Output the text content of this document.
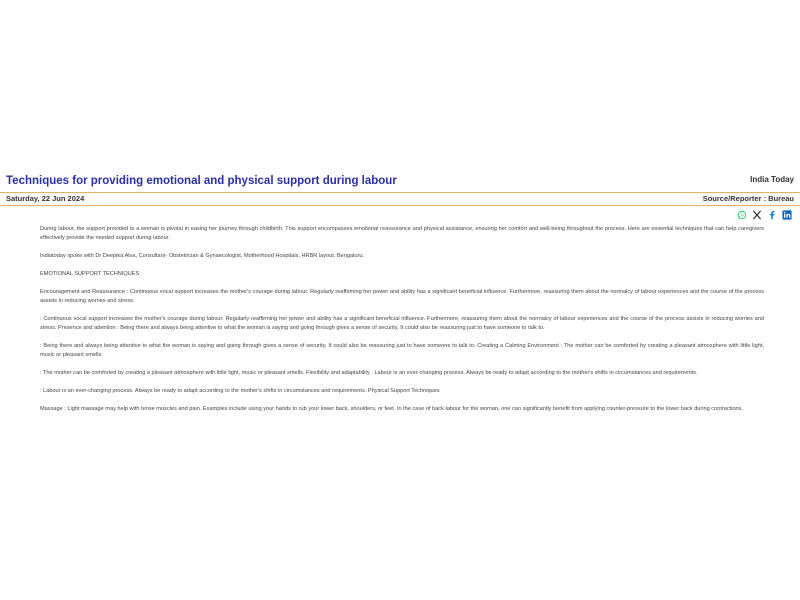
Techniques for providing emotional and physical support during labour	India Today
Saturday, 22 Jun 2024	Source/Reporter : Bureau

During labour, the support provided to a woman is pivotal in easing her journey through childbirth. This support encompasses emotional reassurance and physical assistance, ensuring her comfort and well-being throughout the process. Here are essential techniques that can help caregivers effectively provide the needed support during labour.

Indiatoday spoke with Dr Deepika Alva, Consultant- Obstetrician & Gynaecologist, Motherhood Hospitals, HRBR layout, Bengaluru.

EMOTIONAL SUPPORT TECHNIQUES

Encouragement and Reassurance : Continuous vocal support increases the mother's courage during labour. Regularly reaffirming her power and ability has a significant beneficial influence. Furthermore, reassuring them about the normalcy of labour experiences and the course of the process assists in reducing worries and stress.

: Continuous vocal support increases the mother's courage during labour. Regularly reaffirming her power and ability has a significant beneficial influence. Furthermore, reassuring them about the normalcy of labour experiences and the course of the process assists in reducing worries and stress. Presence and attention : Being there and always being attentive to what the woman is saying and going through gives a sense of security. It could also be reassuring just to have someone to talk to.

: Being there and always being attentive to what the woman is saying and going through gives a sense of security. It could also be reassuring just to have someone to talk to. Creating a Calming Environment : The mother can be comforted by creating a pleasant atmosphere with little light, music or pleasant smells.

: The mother can be comforted by creating a pleasant atmosphere with little light, music or pleasant smells. Flexibility and adaptability : Labour is an ever-changing process. Always be ready to adapt according to the mother's shifts in circumstances and requirements.

: Labour is an ever-changing process. Always be ready to adapt according to the mother's shifts in circumstances and requirements. Physical Support Techniques

Massage : Light massage may help with tense muscles and pain. Examples include using your hands to rub your lower back, shoulders, or feet. In the case of back labour for the woman, one can significantly benefit from applying counter-pressure to the lower back during contractions.
